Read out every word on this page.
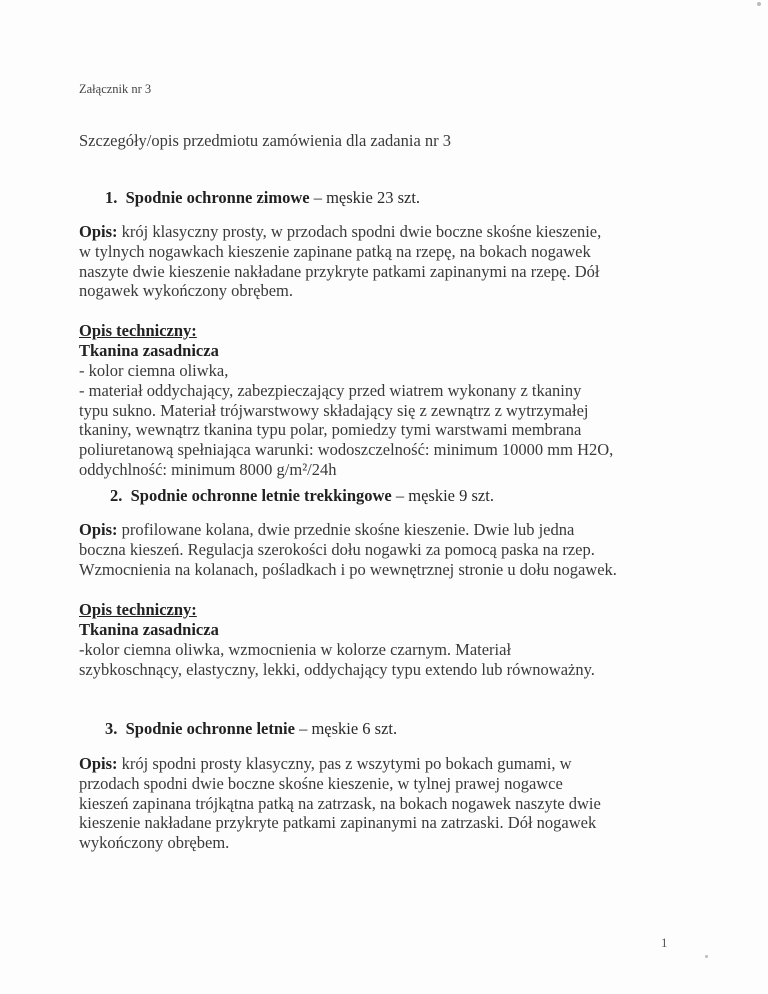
Załącznik nr 3
Szczegóły/opis przedmiotu zamówienia dla zadania nr 3
1. Spodnie ochronne zimowe – męskie 23 szt.
Opis: krój klasyczny prosty, w przodach spodni dwie boczne skośne kieszenie,
w tylnych nogawkach kieszenie zapinane patką na rzepę, na bokach nogawek
naszyte dwie kieszenie nakładane przykryte patkami zapinanymi na rzepę. Dół
nogawek wykończony obrębem.
Opis techniczny:
Tkanina zasadnicza
- kolor ciemna oliwka,
- materiał oddychający, zabezpieczający przed wiatrem wykonany z tkaniny
typu sukno. Materiał trójwarstwowy składający się z zewnątrz z wytrzymałej
tkaniny, wewnątrz tkanina typu polar, pomiedzy tymi warstwami membrana
poliuretanową spełniająca warunki: wodoszczelność: minimum 10000 mm H2O,
oddychlność: minimum 8000 g/m²/24h
2. Spodnie ochronne letnie trekkingowe – męskie 9 szt.
Opis: profilowane kolana, dwie przednie skośne kieszenie. Dwie lub jedna
boczna kieszeń. Regulacja szerokości dołu nogawki za pomocą paska na rzep.
Wzmocnienia na kolanach, pośladkach i po wewnętrznej stronie u dołu nogawek.
Opis techniczny:
Tkanina zasadnicza
-kolor ciemna oliwka, wzmocnienia w kolorze czarnym. Materiał
szybkoschnący, elastyczny, lekki, oddychający typu extendo lub równoważny.
3. Spodnie ochronne letnie – męskie 6 szt.
Opis: krój spodni prosty klasyczny, pas z wszytymi po bokach gumami, w
przodach spodni dwie boczne skośne kieszenie, w tylnej prawej nogawce
kieszeń zapinana trójkątna patką na zatrzask, na bokach nogawek naszyte dwie
kieszenie nakładane przykryte patkami zapinanymi na zatrzaski. Dół nogawek
wykończony obrębem.
1
